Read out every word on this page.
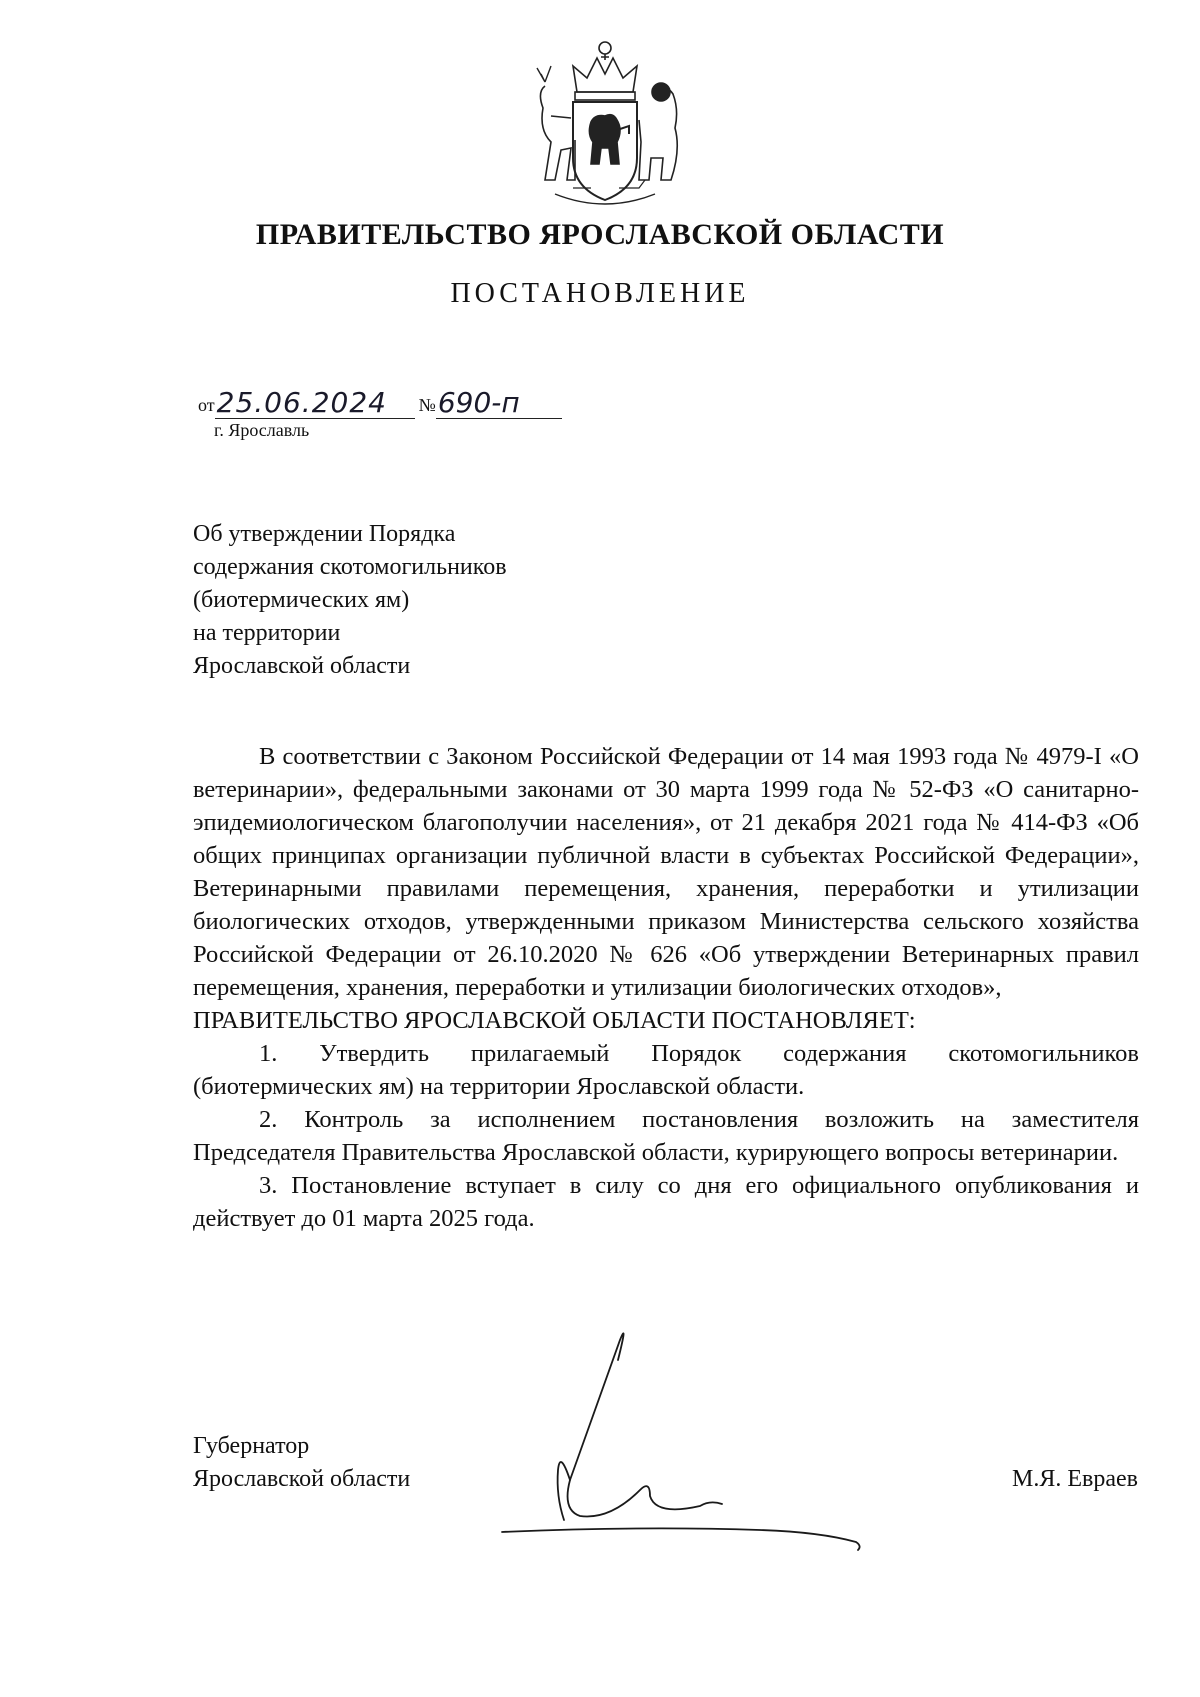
ПРАВИТЕЛЬСТВО ЯРОСЛАВСКОЙ ОБЛАСТИ
ПОСТАНОВЛЕНИЕ
от 25.06.2024	№ 690-п
г. Ярославль
Об утверждении Порядка
содержания скотомогильников
(биотермических ям)
на территории
Ярославской области

В соответствии с Законом Российской Федерации от 14 мая 1993 года № 4979-I «О ветеринарии», федеральными законами от 30 марта 1999 года № 52-ФЗ «О санитарно-эпидемиологическом благополучии населения», от 21 декабря 2021 года № 414-ФЗ «Об общих принципах организации публичной власти в субъектах Российской Федерации», Ветеринарными правилами перемещения, хранения, переработки и утилизации биологических отходов, утвержденными приказом Министерства сельского хозяйства Российской Федерации от 26.10.2020 № 626 «Об утверждении Ветеринарных правил перемещения, хранения, переработки и утилизации биологических отходов»,

ПРАВИТЕЛЬСТВО ЯРОСЛАВСКОЙ ОБЛАСТИ ПОСТАНОВЛЯЕТ:

1. Утвердить прилагаемый Порядок содержания скотомогильников (биотермических ям) на территории Ярославской области.

2. Контроль за исполнением постановления возложить на заместителя Председателя Правительства Ярославской области, курирующего вопросы ветеринарии.

3. Постановление вступает в силу со дня его официального опубликования и действует до 01 марта 2025 года.

Губернатор
Ярославской области	М.Я. Евраев
